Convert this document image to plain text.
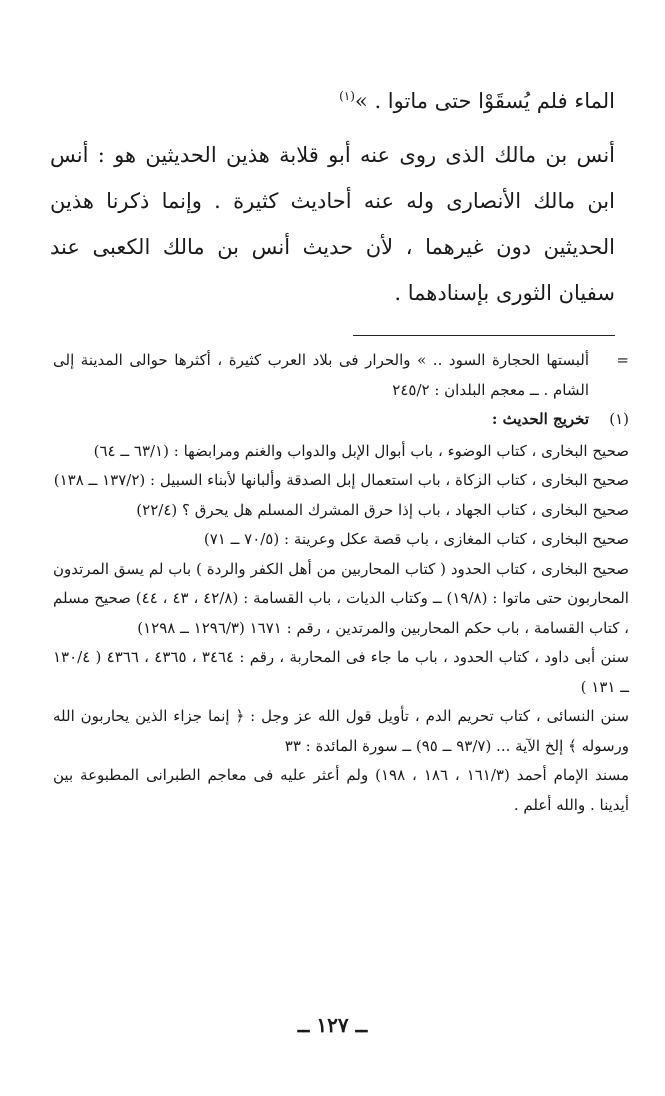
الماء فلم يُسقَوْا حتى ماتوا . »$^{(١)}$

أنس بن مالك الذى روى عنه أبو قلابة هذين الحديثين هو : أنس ابن مالك الأنصارى وله عنه أحاديث كثيرة . وإنما ذكرنا هذين الحديثين دون غيرهما ، لأن حديث أنس بن مالك الكعبى عند سفيان الثورى بإسنادهما .

=
ألبستها الحجارة السود .. » والحرار فى بلاد العرب كثيرة ، أكثرها حوالى المدينة إلى الشام . ــ معجم البلدان : ٢٤٥/٢
(١)
تخريج الحديث :

صحيح البخارى ، كتاب الوضوء ، باب أبوال الإبل والدواب والغنم ومرابضها : (٦٣/١ ــ ٦٤)

صحيح البخارى ، كتاب الزكاة ، باب استعمال إبل الصدقة وألبانها لأبناء السبيل : (١٣٧/٢ ــ ١٣٨)

صحيح البخارى ، كتاب الجهاد ، باب إذا حرق المشرك المسلم هل يحرق ؟ (٢٢/٤)

صحيح البخارى ، كتاب المغازى ، باب قصة عكل وعرينة : (٧٠/٥ ــ ٧١)

صحيح البخارى ، كتاب الحدود ( كتاب المحاربين من أهل الكفر والردة ) باب لم يسق المرتدون المحاربون حتى ماتوا : (١٩/٨) ــ وكتاب الديات ، باب القسامة : (٤٢/٨ ، ٤٣ ، ٤٤) صحيح مسلم ، كتاب القسامة ، باب حكم المحاربين والمرتدين ، رقم : ١٦٧١ (١٢٩٦/٣ ــ ١٢٩٨)

سنن أبى داود ، كتاب الحدود ، باب ما جاء فى المحاربة ، رقم : ٣٤٦٤ ، ٤٣٦٥ ، ٤٣٦٦ ( ١٣٠/٤ ــ ١٣١ )

سنن النسائى ، كتاب تحريم الدم ، تأويل قول الله عز وجل : ﴿ إنما جزاء الذين يحاربون الله ورسوله ﴾ إلخ الآية ... (٩٣/٧ ــ ٩٥) ــ سورة المائدة : ٣٣

مسند الإمام أحمد (١٦١/٣ ، ١٨٦ ، ١٩٨) ولم أعثر عليه فى معاجم الطبرانى المطبوعة بين أيدينا . والله أعلم .

ــ ١٢٧ ــ
